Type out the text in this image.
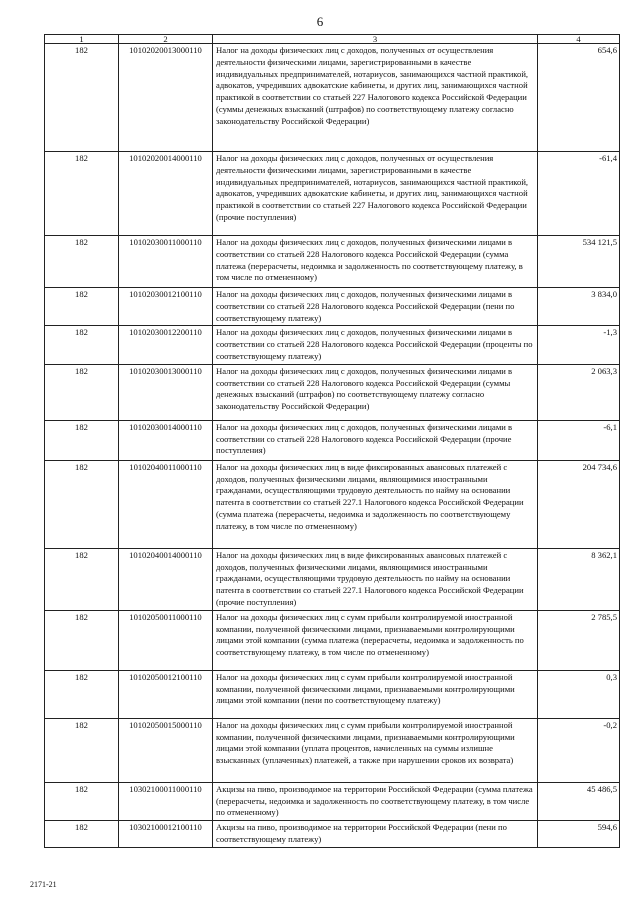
6
1	2	3	4
182	10102020013000110	Налог на доходы физических лиц с доходов, полученных от осуществления деятельности физическими лицами, зарегистрированными в качестве индивидуальных предпринимателей, нотариусов, занимающихся частной практикой, адвокатов, учредивших адвокатские кабинеты, и других лиц, занимающихся частной практикой в соответствии со статьей 227 Налогового кодекса Российской Федерации (суммы денежных взысканий (штрафов) по соответствующему платежу согласно законодательству Российской Федерации)	654,6
182	10102020014000110	Налог на доходы физических лиц с доходов, полученных от осуществления деятельности физическими лицами, зарегистрированными в качестве индивидуальных предпринимателей, нотариусов, занимающихся частной практикой, адвокатов, учредивших адвокатские кабинеты, и других лиц, занимающихся частной практикой в соответствии со статьей 227 Налогового кодекса Российской Федерации (прочие поступления)	-61,4
182	10102030011000110	Налог на доходы физических лиц с доходов, полученных физическими лицами в соответствии со статьей 228 Налогового кодекса Российской Федерации (сумма платежа (перерасчеты, недоимка и задолженность по соответствующему платежу, в том числе по отмененному)	534 121,5
182	10102030012100110	Налог на доходы физических лиц с доходов, полученных физическими лицами в соответствии со статьей 228 Налогового кодекса Российской Федерации (пени по соответствующему платежу)	3 834,0
182	10102030012200110	Налог на доходы физических лиц с доходов, полученных физическими лицами в соответствии со статьей 228 Налогового кодекса Российской Федерации (проценты по соответствующему платежу)	-1,3
182	10102030013000110	Налог на доходы физических лиц с доходов, полученных физическими лицами в соответствии со статьей 228 Налогового кодекса Российской Федерации (суммы денежных взысканий (штрафов) по соответствующему платежу согласно законодательству Российской Федерации)	2 063,3
182	10102030014000110	Налог на доходы физических лиц с доходов, полученных физическими лицами в соответствии со статьей 228 Налогового кодекса Российской Федерации (прочие поступления)	-6,1
182	10102040011000110	Налог на доходы физических лиц в виде фиксированных авансовых платежей с доходов, полученных физическими лицами, являющимися иностранными гражданами, осуществляющими трудовую деятельность по найму на основании патента в соответствии со статьей 227.1 Налогового кодекса Российской Федерации (сумма платежа (перерасчеты, недоимка и задолженность по соответствующему платежу, в том числе по отмененному)	204 734,6
182	10102040014000110	Налог на доходы физических лиц в виде фиксированных авансовых платежей с доходов, полученных физическими лицами, являющимися иностранными гражданами, осуществляющими трудовую деятельность по найму на основании патента в соответствии со статьей 227.1 Налогового кодекса Российской Федерации (прочие поступления)	8 362,1
182	10102050011000110	Налог на доходы физических лиц с сумм прибыли контролируемой иностранной компании, полученной физическими лицами, признаваемыми контролирующими лицами этой компании (сумма платежа (перерасчеты, недоимка и задолженность по соответствующему платежу, в том числе по отмененному)	2 785,5
182	10102050012100110	Налог на доходы физических лиц с сумм прибыли контролируемой иностранной компании, полученной физическими лицами, признаваемыми контролирующими лицами этой компании (пени по соответствующему платежу)	0,3
182	10102050015000110	Налог на доходы физических лиц с сумм прибыли контролируемой иностранной компании, полученной физическими лицами, признаваемыми контролирующими лицами этой компании (уплата процентов, начисленных на суммы излишне взысканных (уплаченных) платежей, а также при нарушении сроков их возврата)	-0,2
182	10302100011000110	Акцизы на пиво, производимое на территории Российской Федерации (сумма платежа (перерасчеты, недоимка и задолженность по соответствующему платежу, в том числе по отмененному)	45 486,5
182	10302100012100110	Акцизы на пиво, производимое на территории Российской Федерации (пени по соответствующему платежу)	594,6
2171-21
